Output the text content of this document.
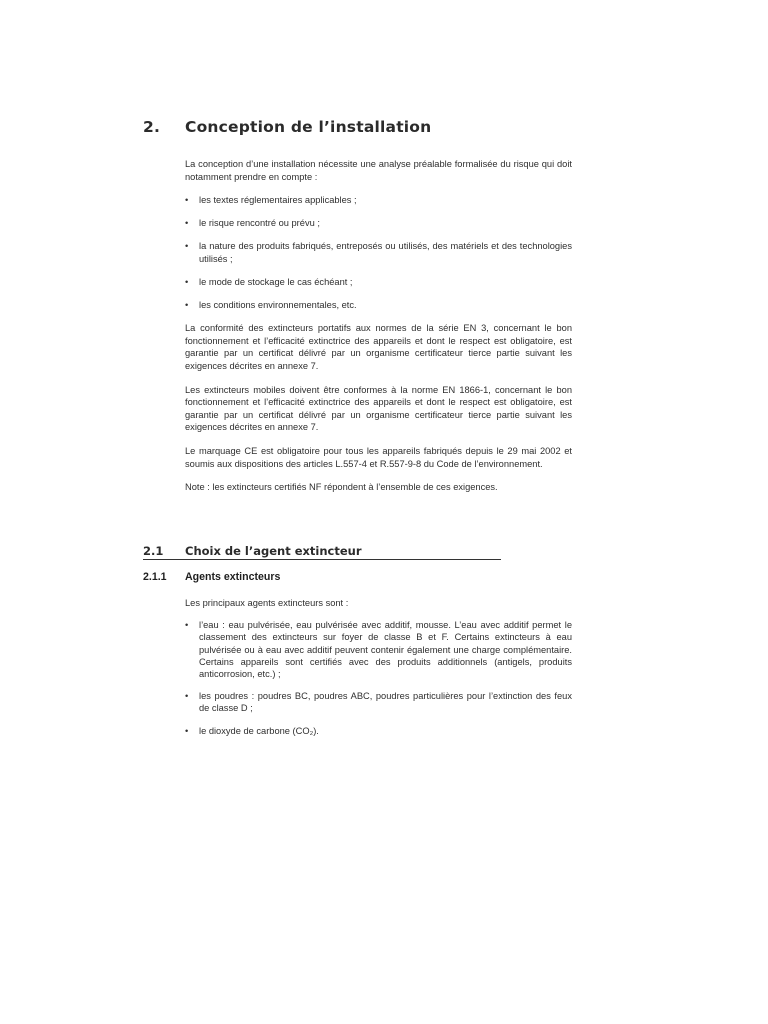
2. Conception de l’installation

La conception d’une installation nécessite une analyse préalable formalisée du risque qui doit notamment prendre en compte :

• les textes réglementaires applicables ;
• le risque rencontré ou prévu ;
• la nature des produits fabriqués, entreposés ou utilisés, des matériels et des technologies utilisés ;
• le mode de stockage le cas échéant ;
• les conditions environnementales, etc.

La conformité des extincteurs portatifs aux normes de la série EN 3, concernant le bon fonctionnement et l’efficacité extinctrice des appareils et dont le respect est obligatoire, est garantie par un certificat délivré par un organisme certificateur tierce partie suivant les exigences décrites en annexe 7.

Les extincteurs mobiles doivent être conformes à la norme EN 1866-1, concernant le bon fonctionnement et l’efficacité extinctrice des appareils et dont le respect est obligatoire, est garantie par un certificat délivré par un organisme certificateur tierce partie suivant les exigences décrites en annexe 7.

Le marquage CE est obligatoire pour tous les appareils fabriqués depuis le 29 mai 2002 et soumis aux dispositions des articles L.557-4 et R.557-9-8 du Code de l’environnement.

Note : les extincteurs certifiés NF répondent à l’ensemble de ces exigences.

2.1 Choix de l’agent extincteur
2.1.1 Agents extincteurs

Les principaux agents extincteurs sont :

• l’eau : eau pulvérisée, eau pulvérisée avec additif, mousse. L’eau avec additif permet le classement des extincteurs sur foyer de classe B et F. Certains extincteurs à eau pulvérisée ou à eau avec additif peuvent contenir également une charge complémentaire. Certains appareils sont certifiés avec des produits additionnels (antigels, produits anticorrosion, etc.) ;
• les poudres : poudres BC, poudres ABC, poudres particulières pour l’extinction des feux de classe D ;
• le dioxyde de carbone (CO₂).
